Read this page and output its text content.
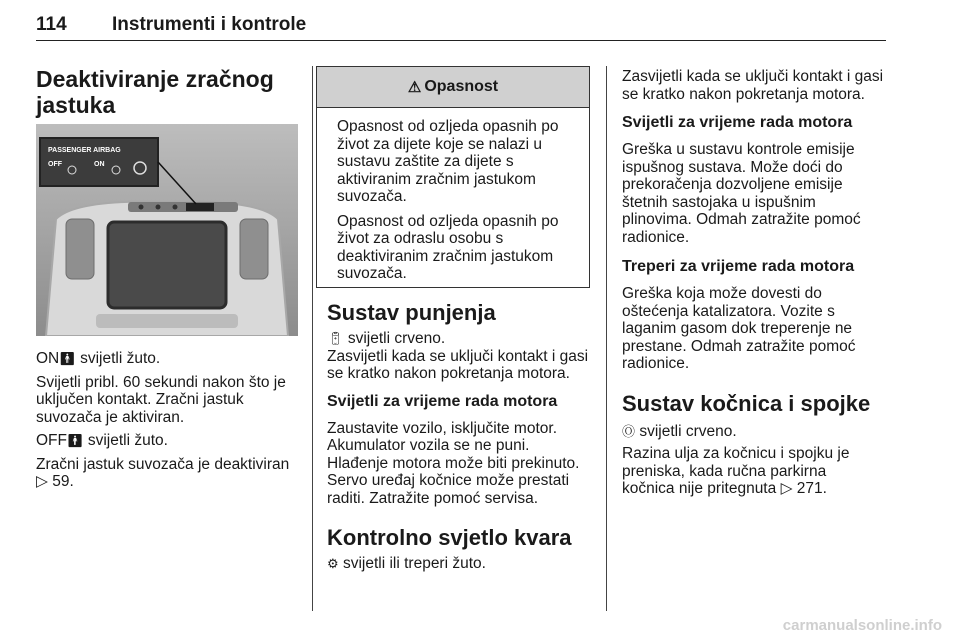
114 Instrumenti i kontrole
Deaktiviranje zračnog
jastuka
PASSENGER AIRBAG
OFF	ON

ON🚹︎ svijetli žuto.

Svijetli pribl. 60 sekundi nakon što je

uključen kontakt. Zračni jastuk

suvozača je aktiviran.

OFF🚹︎ svijetli žuto.

Zračni jastuk suvozača je deaktiviran

▷ 59.

⚠ Opasnost

Opasnost od ozljeda opasnih po

život za dijete koje se nalazi u

sustavu zaštite za dijete s

aktiviranim zračnim jastukom

suvozača.

Opasnost od ozljeda opasnih po

život za odraslu osobu s

deaktiviranim zračnim jastukom

suvozača.

Sustav punjenja

🔋︎ svijetli crveno.

Zasvijetli kada se uključi kontakt i gasi

se kratko nakon pokretanja motora.

Svijetli za vrijeme rada motora

Zaustavite vozilo, isključite motor.

Akumulator vozila se ne puni.

Hlađenje motora može biti prekinuto.

Servo uređaj kočnice može prestati

raditi. Zatražite pomoć servisa.

Kontrolno svjetlo kvara

⚙ svijetli ili treperi žuto.

Zasvijetli kada se uključi kontakt i gasi

se kratko nakon pokretanja motora.

Svijetli za vrijeme rada motora

Greška u sustavu kontrole emisije

ispušnog sustava. Može doći do

prekoračenja dozvoljene emisije

štetnih sastojaka u ispušnim

plinovima. Odmah zatražite pomoć

radionice.

Treperi za vrijeme rada motora

Greška koja može dovesti do

oštećenja katalizatora. Vozite s

laganim gasom dok treperenje ne

prestane. Odmah zatražite pomoć

radionice.

Sustav kočnica i spojke

Ⓞ svijetli crveno.

Razina ulja za kočnicu i spojku je

preniska, kada ručna parkirna

kočnica nije pritegnuta ▷ 271.

carmanualsonline.info
